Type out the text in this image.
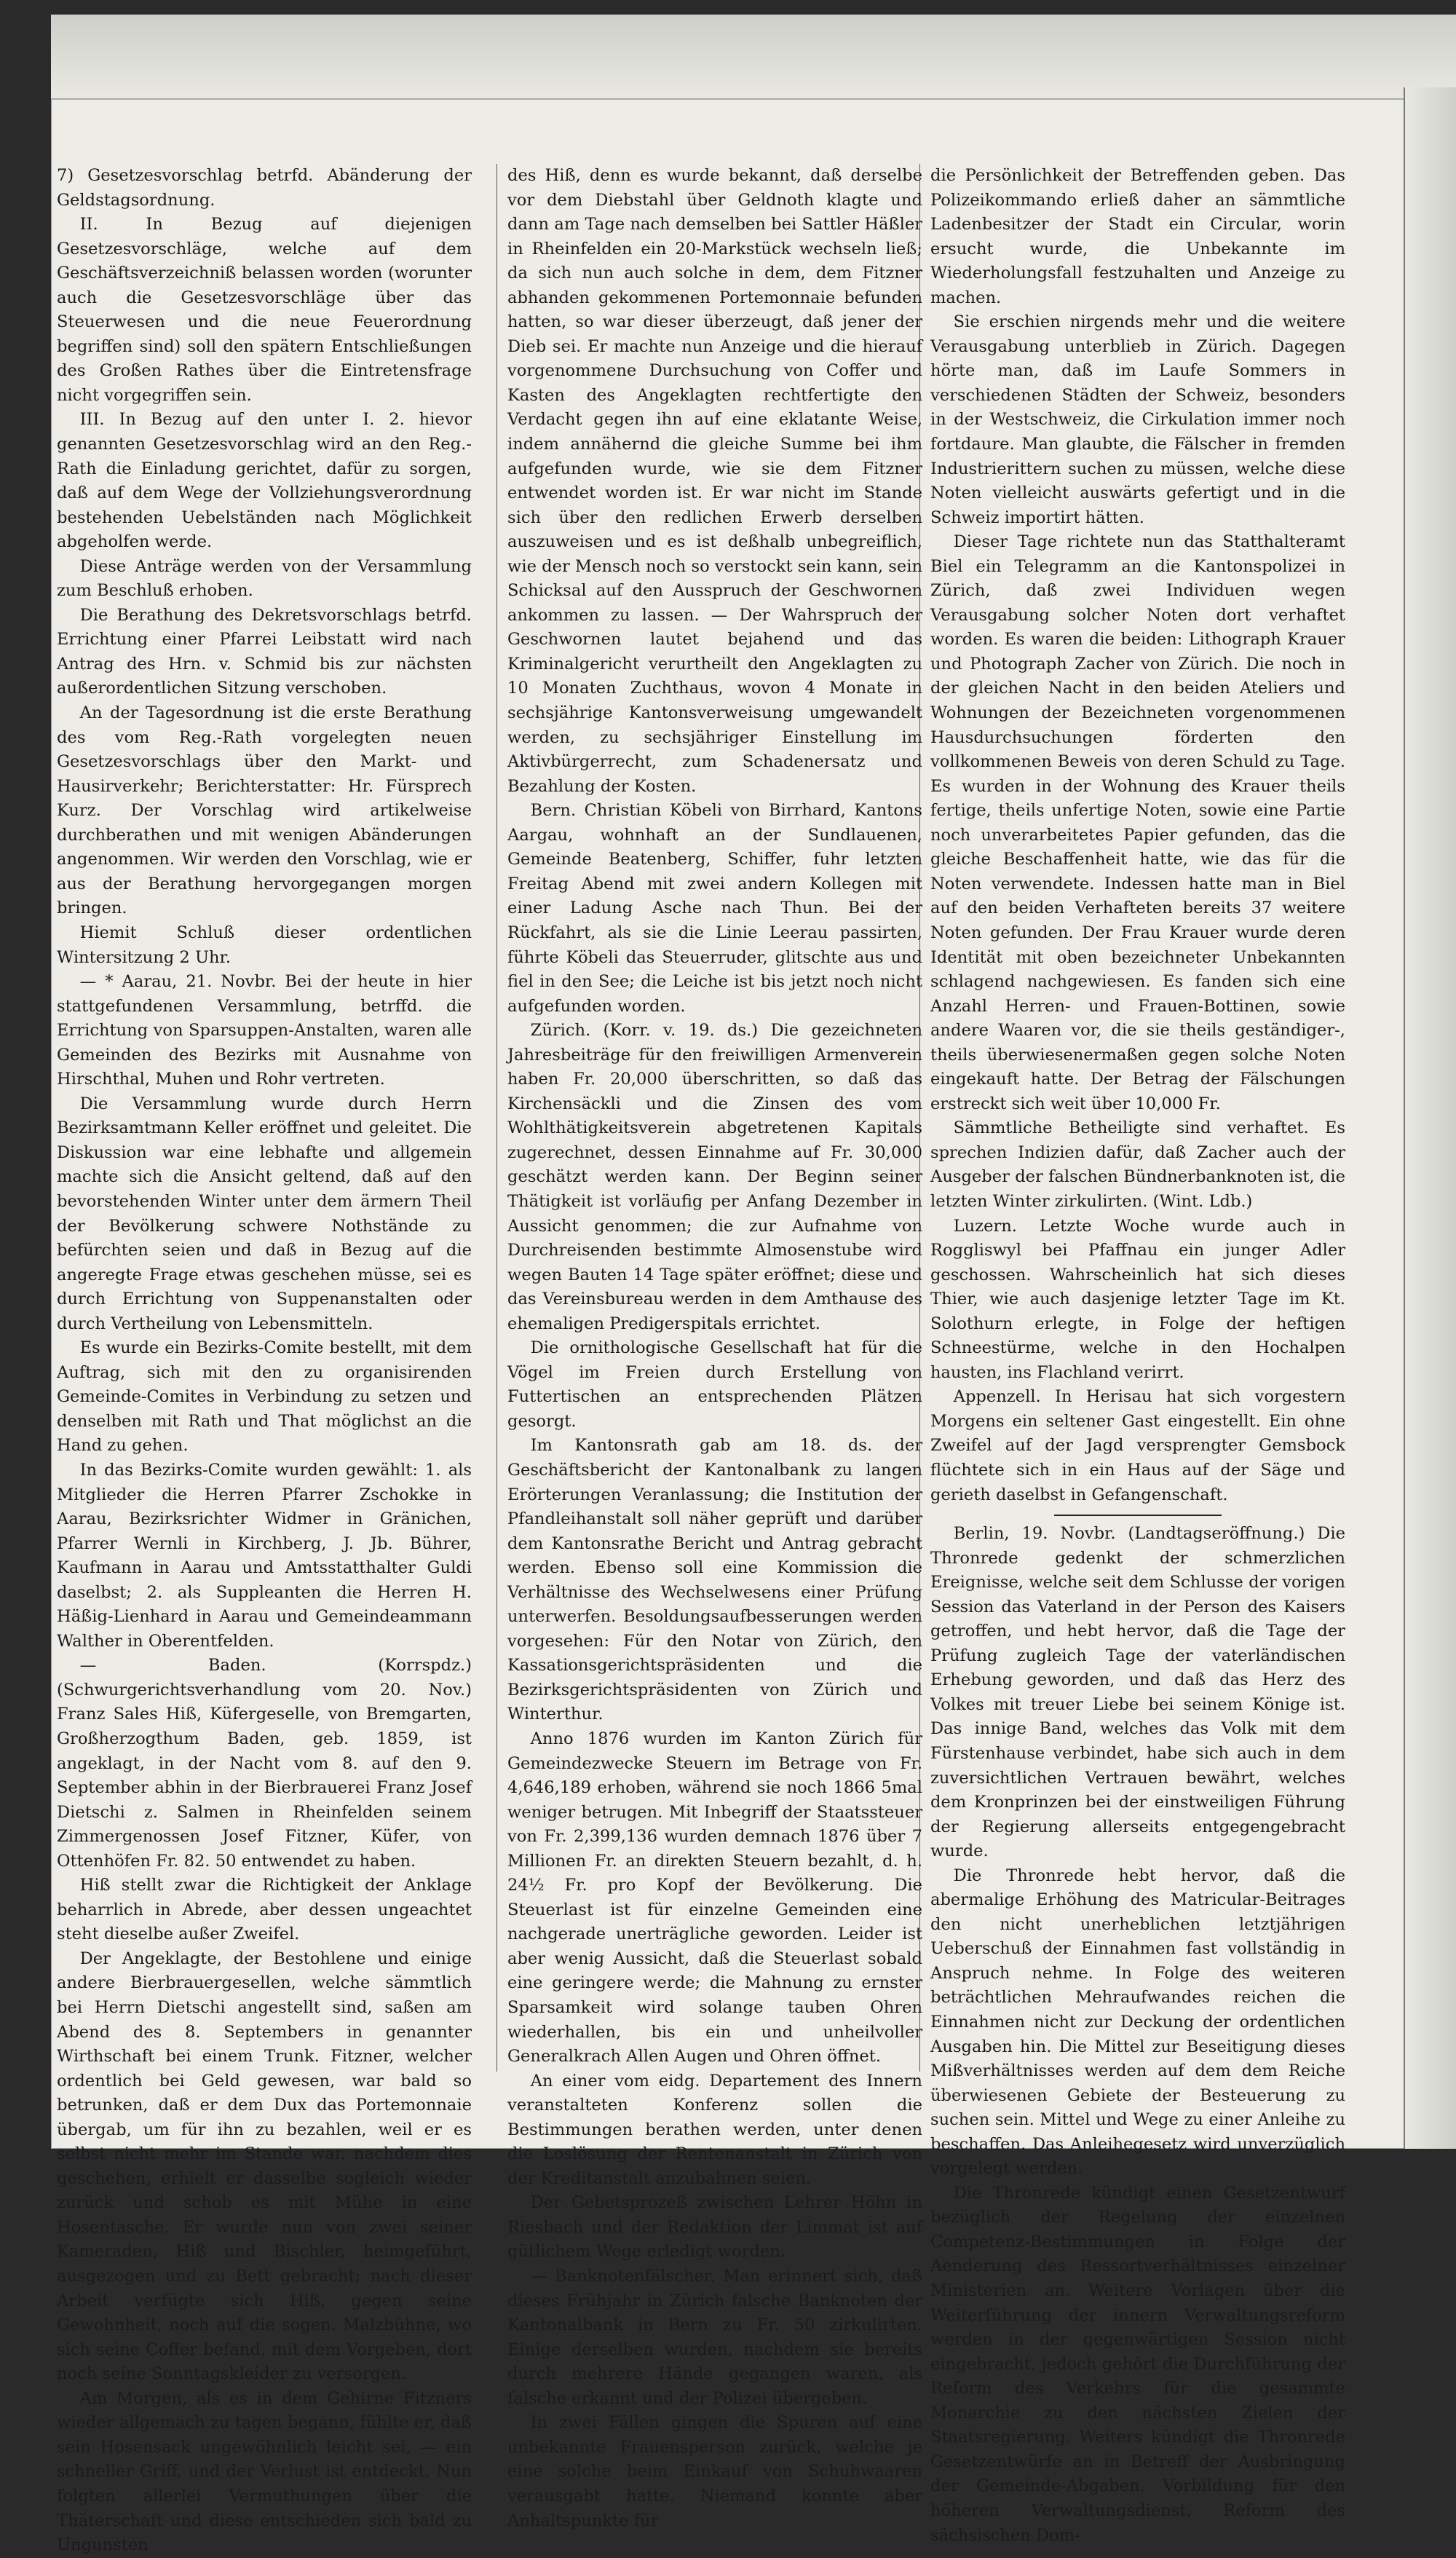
7) Gesetzesvorschlag betrfd. Abänderung der Geldstagsordnung.

II. In Bezug auf diejenigen Gesetzesvorschläge, welche auf dem Geschäftsverzeichniß belassen worden (worunter auch die Gesetzesvorschläge über das Steuerwesen und die neue Feuerordnung begriffen sind) soll den spätern Entschließungen des Großen Rathes über die Eintretensfrage nicht vorgegriffen sein.

III. In Bezug auf den unter I. 2. hievor genannten Gesetzesvorschlag wird an den Reg.-Rath die Einladung gerichtet, dafür zu sorgen, daß auf dem Wege der Vollziehungsverordnung bestehenden Uebelständen nach Möglichkeit abgeholfen werde.

Diese Anträge werden von der Versammlung zum Beschluß erhoben.

Die Berathung des Dekretsvorschlags betrfd. Errichtung einer Pfarrei Leibstatt wird nach Antrag des Hrn. v. Schmid bis zur nächsten außerordentlichen Sitzung verschoben.

An der Tagesordnung ist die erste Berathung des vom Reg.-Rath vorgelegten neuen Gesetzesvorschlags über den Markt- und Hausirverkehr; Berichterstatter: Hr. Fürsprech Kurz. Der Vorschlag wird artikelweise durchberathen und mit wenigen Abänderungen angenommen. Wir werden den Vorschlag, wie er aus der Berathung hervorgegangen morgen bringen.

Hiemit Schluß dieser ordentlichen Wintersitzung 2 Uhr.

— * Aarau, 21. Novbr. Bei der heute in hier stattgefundenen Versammlung, betrffd. die Errichtung von Sparsuppen-Anstalten, waren alle Gemeinden des Bezirks mit Ausnahme von Hirschthal, Muhen und Rohr vertreten.

Die Versammlung wurde durch Herrn Bezirksamtmann Keller eröffnet und geleitet. Die Diskussion war eine lebhafte und allgemein machte sich die Ansicht geltend, daß auf den bevorstehenden Winter unter dem ärmern Theil der Bevölkerung schwere Nothstände zu befürchten seien und daß in Bezug auf die angeregte Frage etwas geschehen müsse, sei es durch Errichtung von Suppenanstalten oder durch Vertheilung von Lebensmitteln.

Es wurde ein Bezirks-Comite bestellt, mit dem Auftrag, sich mit den zu organisirenden Gemeinde-Comites in Verbindung zu setzen und denselben mit Rath und That möglichst an die Hand zu gehen.

In das Bezirks-Comite wurden gewählt: 1. als Mitglieder die Herren Pfarrer Zschokke in Aarau, Bezirksrichter Widmer in Gränichen, Pfarrer Wernli in Kirchberg, J. Jb. Bührer, Kaufmann in Aarau und Amtsstatthalter Guldi daselbst; 2. als Suppleanten die Herren H. Häßig-Lienhard in Aarau und Gemeindeammann Walther in Oberentfelden.

— Baden. (Korrspdz.) (Schwurgerichtsverhandlung vom 20. Nov.) Franz Sales Hiß, Küfergeselle, von Bremgarten, Großherzogthum Baden, geb. 1859, ist angeklagt, in der Nacht vom 8. auf den 9. September abhin in der Bierbrauerei Franz Josef Dietschi z. Salmen in Rheinfelden seinem Zimmergenossen Josef Fitzner, Küfer, von Ottenhöfen Fr. 82. 50 entwendet zu haben.

Hiß stellt zwar die Richtigkeit der Anklage beharrlich in Abrede, aber dessen ungeachtet steht dieselbe außer Zweifel.

Der Angeklagte, der Bestohlene und einige andere Bierbrauergesellen, welche sämmtlich bei Herrn Dietschi angestellt sind, saßen am Abend des 8. Septembers in genannter Wirthschaft bei einem Trunk. Fitzner, welcher ordentlich bei Geld gewesen, war bald so betrunken, daß er dem Dux das Portemonnaie übergab, um für ihn zu bezahlen, weil er es selbst nicht mehr im Stande war, nachdem dies geschehen, erhielt er dasselbe sogleich wieder zurück und schob es mit Mühe in eine Hosentasche. Er wurde nun von zwei seiner Kameraden, Hiß und Bischler, heimgeführt, ausgezogen und zu Bett gebracht; nach dieser Arbeit verfügte sich Hiß, gegen seine Gewohnheit, noch auf die sogen. Malzbühne, wo sich seine Coffer befand, mit dem Vorgeben, dort noch seine Sonntagskleider zu versorgen.

Am Morgen, als es in dem Gehirne Fitzners wieder allgemach zu tagen begann, fühlte er, daß sein Hosensack ungewöhnlich leicht sei, — ein schneller Griff, und der Verlust ist entdeckt. Nun folgten allerlei Vermuthungen über die Thäterschaft und diese entschieden sich bald zu Ungunsten

des Hiß, denn es wurde bekannt, daß derselbe vor dem Diebstahl über Geldnoth klagte und dann am Tage nach demselben bei Sattler Häßler in Rheinfelden ein 20-Markstück wechseln ließ; da sich nun auch solche in dem, dem Fitzner abhanden gekommenen Portemonnaie befunden hatten, so war dieser überzeugt, daß jener der Dieb sei. Er machte nun Anzeige und die hierauf vorgenommene Durchsuchung von Coffer und Kasten des Angeklagten rechtfertigte den Verdacht gegen ihn auf eine eklatante Weise, indem annähernd die gleiche Summe bei ihm aufgefunden wurde, wie sie dem Fitzner entwendet worden ist. Er war nicht im Stande sich über den redlichen Erwerb derselben auszuweisen und es ist deßhalb unbegreiflich, wie der Mensch noch so verstockt sein kann, sein Schicksal auf den Ausspruch der Geschwornen ankommen zu lassen. — Der Wahrspruch der Geschwornen lautet bejahend und das Kriminalgericht verurtheilt den Angeklagten zu 10 Monaten Zuchthaus, wovon 4 Monate in sechsjährige Kantonsverweisung umgewandelt werden, zu sechsjähriger Einstellung im Aktivbürgerrecht, zum Schadenersatz und Bezahlung der Kosten.

Bern. Christian Köbeli von Birrhard, Kantons Aargau, wohnhaft an der Sundlauenen, Gemeinde Beatenberg, Schiffer, fuhr letzten Freitag Abend mit zwei andern Kollegen mit einer Ladung Asche nach Thun. Bei der Rückfahrt, als sie die Linie Leerau passirten, führte Köbeli das Steuerruder, glitschte aus und fiel in den See; die Leiche ist bis jetzt noch nicht aufgefunden worden.

Zürich. (Korr. v. 19. ds.) Die gezeichneten Jahresbeiträge für den freiwilligen Armenverein haben Fr. 20,000 überschritten, so daß das Kirchensäckli und die Zinsen des vom Wohlthätigkeitsverein abgetretenen Kapitals zugerechnet, dessen Einnahme auf Fr. 30,000 geschätzt werden kann. Der Beginn seiner Thätigkeit ist vorläufig per Anfang Dezember in Aussicht genommen; die zur Aufnahme von Durchreisenden bestimmte Almosenstube wird wegen Bauten 14 Tage später eröffnet; diese und das Vereinsbureau werden in dem Amthause des ehemaligen Predigerspitals errichtet.

Die ornithologische Gesellschaft hat für die Vögel im Freien durch Erstellung von Futtertischen an entsprechenden Plätzen gesorgt.

Im Kantonsrath gab am 18. ds. der Geschäftsbericht der Kantonalbank zu langen Erörterungen Veranlassung; die Institution der Pfandleihanstalt soll näher geprüft und darüber dem Kantonsrathe Bericht und Antrag gebracht werden. Ebenso soll eine Kommission die Verhältnisse des Wechselwesens einer Prüfung unterwerfen. Besoldungsaufbesserungen werden vorgesehen: Für den Notar von Zürich, den Kassationsgerichtspräsidenten und die Bezirksgerichtspräsidenten von Zürich und Winterthur.

Anno 1876 wurden im Kanton Zürich für Gemeindezwecke Steuern im Betrage von Fr. 4,646,189 erhoben, während sie noch 1866 5mal weniger betrugen. Mit Inbegriff der Staatssteuer von Fr. 2,399,136 wurden demnach 1876 über 7 Millionen Fr. an direkten Steuern bezahlt, d. h. 24½ Fr. pro Kopf der Bevölkerung. Die Steuerlast ist für einzelne Gemeinden eine nachgerade unerträgliche geworden. Leider ist aber wenig Aussicht, daß die Steuerlast sobald eine geringere werde; die Mahnung zu ernster Sparsamkeit wird solange tauben Ohren wiederhallen, bis ein und unheilvoller Generalkrach Allen Augen und Ohren öffnet.

An einer vom eidg. Departement des Innern veranstalteten Konferenz sollen die Bestimmungen berathen werden, unter denen die Loslösung der Rentenanstalt in Zürich von der Kreditanstalt anzubahnen seien.

Der Gebetsprozeß zwischen Lehrer Höhn in Riesbach und der Redaktion der Limmat ist auf gütlichem Wege erledigt worden.

— Banknotenfälscher. Man erinnert sich, daß dieses Frühjahr in Zürich falsche Banknoten der Kantonalbank in Bern zu Fr. 50 zirkulirten. Einige derselben wurden, nachdem sie bereits durch mehrere Hände gegangen waren, als falsche erkannt und der Polizei übergeben.

In zwei Fällen gingen die Spuren auf eine unbekannte Frauensperson zurück, welche je eine solche beim Einkauf von Schuhwaaren verausgabt hatte. Niemand konnte aber Anhaltspunkte für

die Persönlichkeit der Betreffenden geben. Das Polizeikommando erließ daher an sämmtliche Ladenbesitzer der Stadt ein Circular, worin ersucht wurde, die Unbekannte im Wiederholungsfall festzuhalten und Anzeige zu machen.

Sie erschien nirgends mehr und die weitere Verausgabung unterblieb in Zürich. Dagegen hörte man, daß im Laufe Sommers in verschiedenen Städten der Schweiz, besonders in der Westschweiz, die Cirkulation immer noch fortdaure. Man glaubte, die Fälscher in fremden Industrierittern suchen zu müssen, welche diese Noten vielleicht auswärts gefertigt und in die Schweiz importirt hätten.

Dieser Tage richtete nun das Statthalteramt Biel ein Telegramm an die Kantonspolizei in Zürich, daß zwei Individuen wegen Verausgabung solcher Noten dort verhaftet worden. Es waren die beiden: Lithograph Krauer und Photograph Zacher von Zürich. Die noch in der gleichen Nacht in den beiden Ateliers und Wohnungen der Bezeichneten vorgenommenen Hausdurchsuchungen förderten den vollkommenen Beweis von deren Schuld zu Tage. Es wurden in der Wohnung des Krauer theils fertige, theils unfertige Noten, sowie eine Partie noch unverarbeitetes Papier gefunden, das die gleiche Beschaffenheit hatte, wie das für die Noten verwendete. Indessen hatte man in Biel auf den beiden Verhafteten bereits 37 weitere Noten gefunden. Der Frau Krauer wurde deren Identität mit oben bezeichneter Unbekannten schlagend nachgewiesen. Es fanden sich eine Anzahl Herren- und Frauen-Bottinen, sowie andere Waaren vor, die sie theils geständiger-, theils überwiesenermaßen gegen solche Noten eingekauft hatte. Der Betrag der Fälschungen erstreckt sich weit über 10,000 Fr.

Sämmtliche Betheiligte sind verhaftet. Es sprechen Indizien dafür, daß Zacher auch der Ausgeber der falschen Bündnerbanknoten ist, die letzten Winter zirkulirten. (Wint. Ldb.)

Luzern. Letzte Woche wurde auch in Roggliswyl bei Pfaffnau ein junger Adler geschossen. Wahrscheinlich hat sich dieses Thier, wie auch dasjenige letzter Tage im Kt. Solothurn erlegte, in Folge der heftigen Schneestürme, welche in den Hochalpen hausten, ins Flachland verirrt.

Appenzell. In Herisau hat sich vorgestern Morgens ein seltener Gast eingestellt. Ein ohne Zweifel auf der Jagd versprengter Gemsbock flüchtete sich in ein Haus auf der Säge und gerieth daselbst in Gefangenschaft.

Berlin, 19. Novbr. (Landtagseröffnung.) Die Thronrede gedenkt der schmerzlichen Ereignisse, welche seit dem Schlusse der vorigen Session das Vaterland in der Person des Kaisers getroffen, und hebt hervor, daß die Tage der Prüfung zugleich Tage der vaterländischen Erhebung geworden, und daß das Herz des Volkes mit treuer Liebe bei seinem Könige ist. Das innige Band, welches das Volk mit dem Fürstenhause verbindet, habe sich auch in dem zuversichtlichen Vertrauen bewährt, welches dem Kronprinzen bei der einstweiligen Führung der Regierung allerseits entgegengebracht wurde.

Die Thronrede hebt hervor, daß die abermalige Erhöhung des Matricular-Beitrages den nicht unerheblichen letztjährigen Ueberschuß der Einnahmen fast vollständig in Anspruch nehme. In Folge des weiteren beträchtlichen Mehraufwandes reichen die Einnahmen nicht zur Deckung der ordentlichen Ausgaben hin. Die Mittel zur Beseitigung dieses Mißverhältnisses werden auf dem dem Reiche überwiesenen Gebiete der Besteuerung zu suchen sein. Mittel und Wege zu einer Anleihe zu beschaffen. Das Anleihegesetz wird unverzüglich vorgelegt werden.

Die Thronrede kündigt einen Gesetzentwurf bezüglich der Regelung der einzelnen Competenz-Bestimmungen in Folge der Aenderung des Ressortverhältnisses einzelner Ministerien an. Weitere Vorlagen über die Weiterführung der innern Verwaltungsreform werden in der gegenwärtigen Session nicht eingebracht, jedoch gehört die Durchführung der Reform des Verkehrs für die gesammte Monarchie zu den nächsten Zielen der Staatsregierung. Weiters kündigt die Thronrede Gesetzentwürfe an in Betreff der Ausbringung der Gemeinde-Abgaben, Vorbildung für den höheren Verwaltungsdienst, Reform des sächsischen Dom-
